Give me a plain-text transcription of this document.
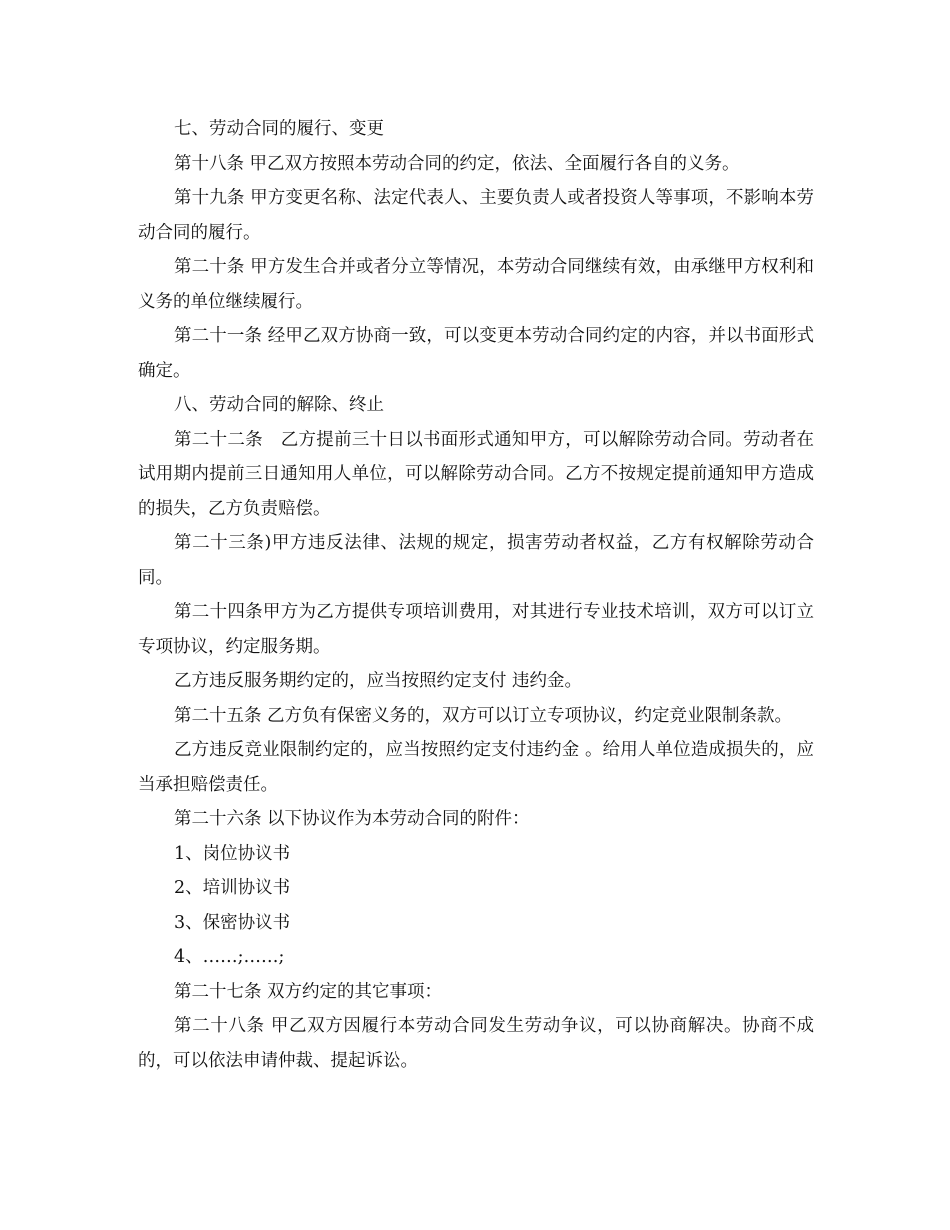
七、劳动合同的履行、变更

第十八条 甲乙双方按照本劳动合同的约定，依法、全面履行各自的义务。

第十九条 甲方变更名称、法定代表人、主要负责人或者投资人等事项，不影响本劳动合同的履行。

第二十条 甲方发生合并或者分立等情况，本劳动合同继续有效，由承继甲方权利和义务的单位继续履行。

第二十一条 经甲乙双方协商一致，可以变更本劳动合同约定的内容，并以书面形式确定。

八、劳动合同的解除、终止

第二十二条　乙方提前三十日以书面形式通知甲方，可以解除劳动合同。劳动者在试用期内提前三日通知用人单位，可以解除劳动合同。乙方不按规定提前通知甲方造成的损失，乙方负责赔偿。

第二十三条)甲方违反法律、法规的规定，损害劳动者权益，乙方有权解除劳动合同。

第二十四条甲方为乙方提供专项培训费用，对其进行专业技术培训，双方可以订立专项协议，约定服务期。

乙方违反服务期约定的，应当按照约定支付 违约金。

第二十五条 乙方负有保密义务的，双方可以订立专项协议，约定竞业限制条款。

乙方违反竞业限制约定的，应当按照约定支付违约金 。给用人单位造成损失的，应当承担赔偿责任。

第二十六条 以下协议作为本劳动合同的附件：

1、岗位协议书

2、培训协议书

3、保密协议书

4、……;……;

第二十七条 双方约定的其它事项：

第二十八条 甲乙双方因履行本劳动合同发生劳动争议，可以协商解决。协商不成的，可以依法申请仲裁、提起诉讼。
